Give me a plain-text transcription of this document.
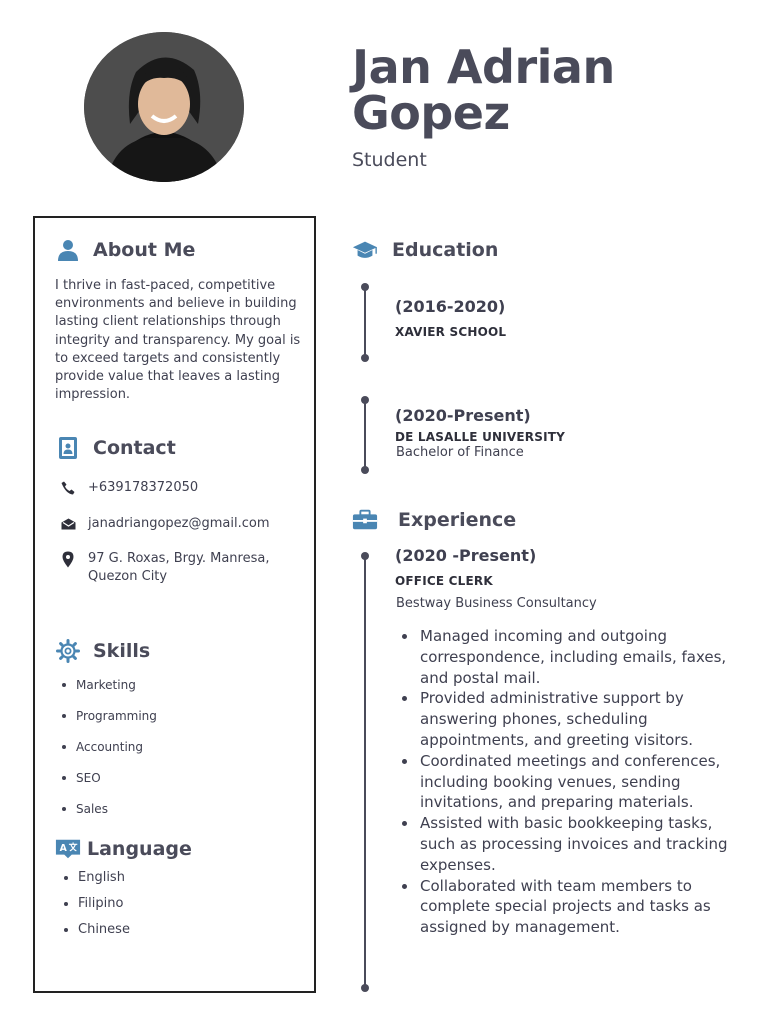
Jan Adrian Gopez
Student
About Me
I thrive in fast-paced, competitive environments and believe in building lasting client relationships through integrity and transparency. My goal is to exceed targets and consistently provide value that leaves a lasting impression.
Contact
+639178372050
janadriangopez@gmail.com
97 G. Roxas, Brgy. Manresa, Quezon City
Skills
Marketing
Programming
Accounting
SEO
Sales
A Language
English
Filipino
Chinese
Education
(2016-2020)
XAVIER SCHOOL
(2020-Present)
DE LASALLE UNIVERSITY
Bachelor of Finance
Experience
(2020 -Present)
OFFICE CLERK
Bestway Business Consultancy
Managed incoming and outgoing correspondence, including emails, faxes, and postal mail.
Provided administrative support by answering phones, scheduling appointments, and greeting visitors.
Coordinated meetings and conferences, including booking venues, sending invitations, and preparing materials.
Assisted with basic bookkeeping tasks, such as processing invoices and tracking expenses.
Collaborated with team members to complete special projects and tasks as assigned by management.
